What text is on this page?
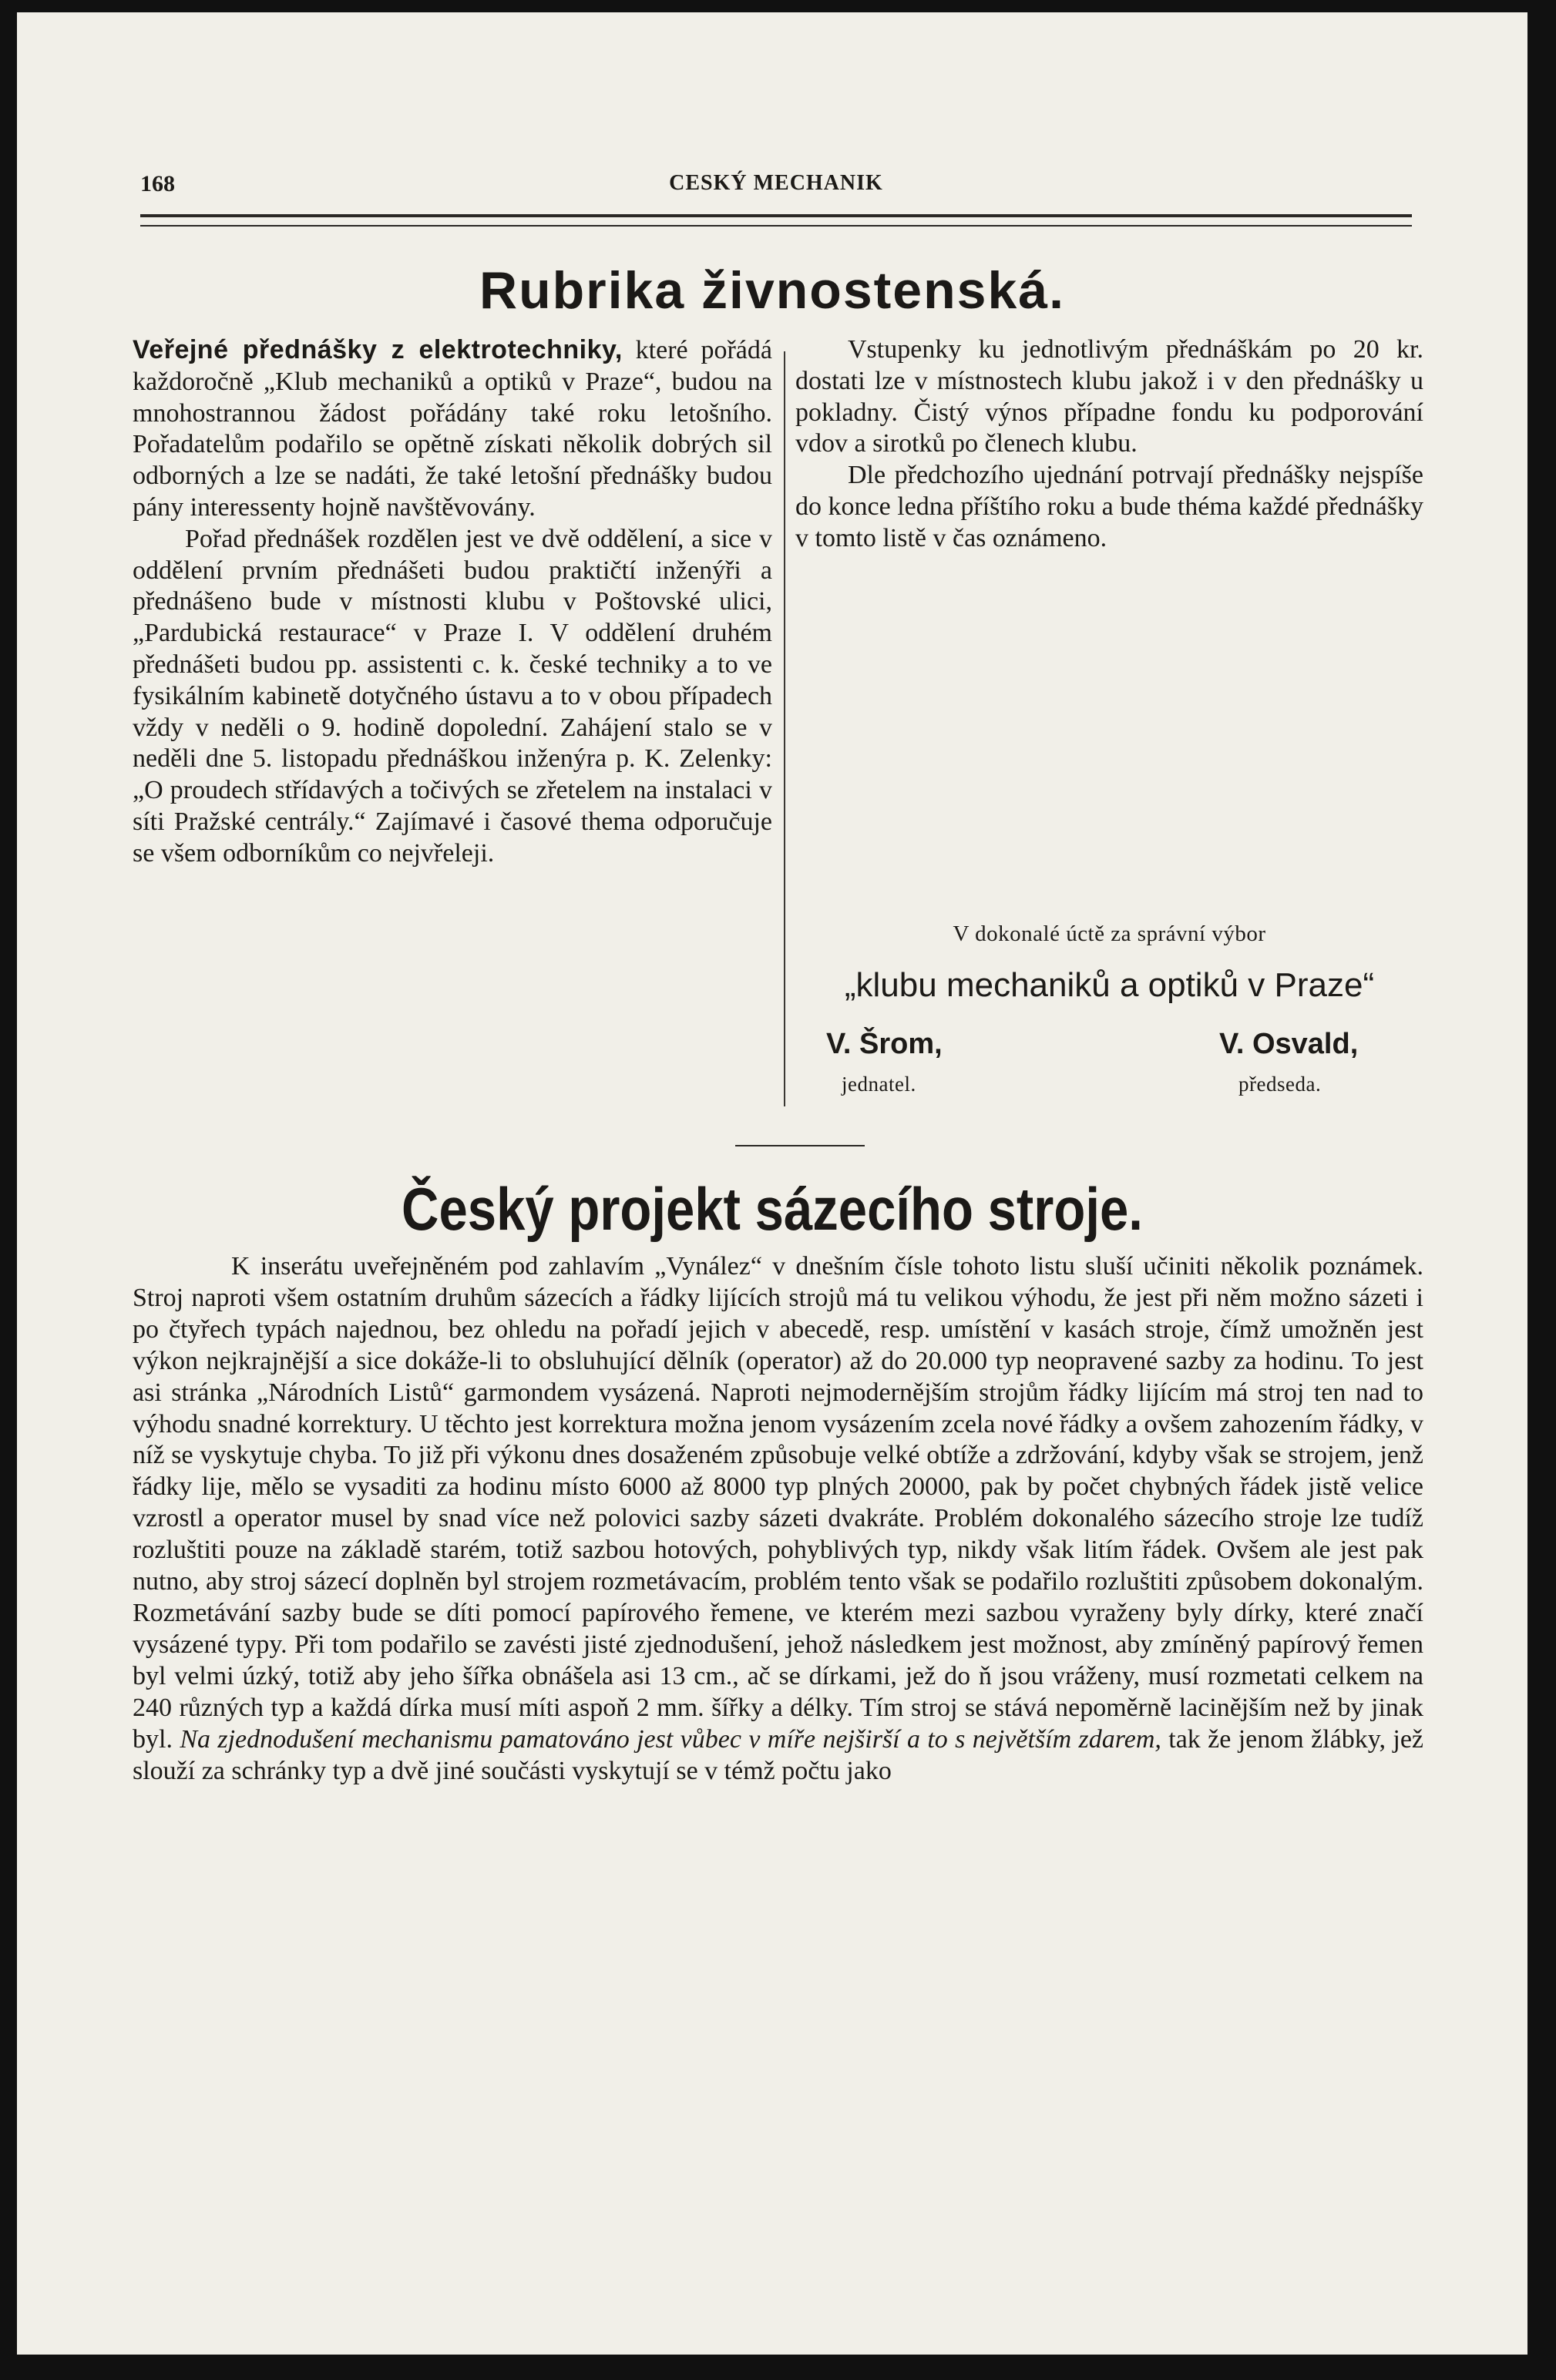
168	CESKÝ MECHANIK
Rubrika živnostenská.

Veřejné přednášky z elektrotechniky, které pořádá každoročně „Klub mechaniků a optiků v Praze“, budou na mnohostrannou žádost pořádány také roku letošního. Pořadatelům podařilo se opětně získati několik dobrých sil odborných a lze se nadáti, že také letošní přednášky budou pány interessenty hojně navštěvovány.

Pořad přednášek rozdělen jest ve dvě oddělení, a sice v oddělení prvním přednášeti budou praktičtí inženýři a přednášeno bude v místnosti klubu v Poštovské ulici, „Pardubická restaurace“ v Praze I. V oddělení druhém přednášeti budou pp. assistenti c. k. české techniky a to ve fysikálním kabinetě dotyčného ústavu a to v obou případech vždy v neděli o 9. hodině dopolední. Zahájení stalo se v neděli dne 5. listopadu přednáškou inženýra p. K. Zelenky: „O proudech střídavých a točivých se zřetelem na instalaci v síti Pražské centrály.“ Zajímavé i časové thema odporučuje se všem odborníkům co nejvřeleji.

Vstupenky ku jednotlivým přednáškám po 20 kr. dostati lze v místnostech klubu jakož i v den přednášky u pokladny. Čistý výnos případne fondu ku podporování vdov a sirotků po členech klubu.

Dle předchozího ujednání potrvají přednášky nejspíše do konce ledna příštího roku a bude théma každé přednášky v tomto listě v čas oznámeno.

V dokonalé úctě za správní výbor
„klubu mechaniků a optiků v Praze“
V. Šrom,
jednatel.
V. Osvald,
předseda.
Český projekt sázecího stroje.

K inserátu uveřejněném pod zahlavím „Vynález“ v dnešním čísle tohoto listu sluší učiniti několik poznámek. Stroj naproti všem ostatním druhům sázecích a řádky lijících strojů má tu velikou výhodu, že jest při něm možno sázeti i po čtyřech typách najednou, bez ohledu na pořadí jejich v abecedě, resp. umístění v kasách stroje, čímž umožněn jest výkon nejkrajnější a sice dokáže-li to obsluhující dělník (operator) až do 20.000 typ neopravené sazby za hodinu. To jest asi stránka „Národních Listů“ garmondem vysázená. Naproti nejmodernějším strojům řádky lijícím má stroj ten nad to výhodu snadné korrektury. U těchto jest korrektura možna jenom vysázením zcela nové řádky a ovšem zahozením řádky, v níž se vyskytuje chyba. To již při výkonu dnes dosaženém způsobuje velké obtíže a zdržování, kdyby však se strojem, jenž řádky lije, mělo se vysaditi za hodinu místo 6000 až 8000 typ plných 20000, pak by počet chybných řádek jistě velice vzrostl a operator musel by snad více než polovici sazby sázeti dvakráte. Problém dokonalého sázecího stroje lze tudíž rozluštiti pouze na základě starém, totiž sazbou hotových, pohyblivých typ, nikdy však litím řádek. Ovšem ale jest pak nutno, aby stroj sázecí doplněn byl strojem rozmetávacím, problém tento však se podařilo rozluštiti způsobem dokonalým. Rozmetávání sazby bude se díti pomocí papírového řemene, ve kterém mezi sazbou vyraženy byly dírky, které značí vysázené typy. Při tom podařilo se zavésti jisté zjednodušení, jehož následkem jest možnost, aby zmíněný papírový řemen byl velmi úzký, totiž aby jeho šířka obnášela asi 13 cm., ač se dírkami, jež do ň jsou vráženy, musí rozmetati celkem na 240 různých typ a každá dírka musí míti aspoň 2 mm. šířky a délky. Tím stroj se stává nepoměrně lacinějším než by jinak byl. Na zjednodušení mechanismu pamatováno jest vůbec v míře nejširší a to s největším zdarem, tak že jenom žlábky, jež slouží za schránky typ a dvě jiné součásti vyskytují se v témž počtu jako
